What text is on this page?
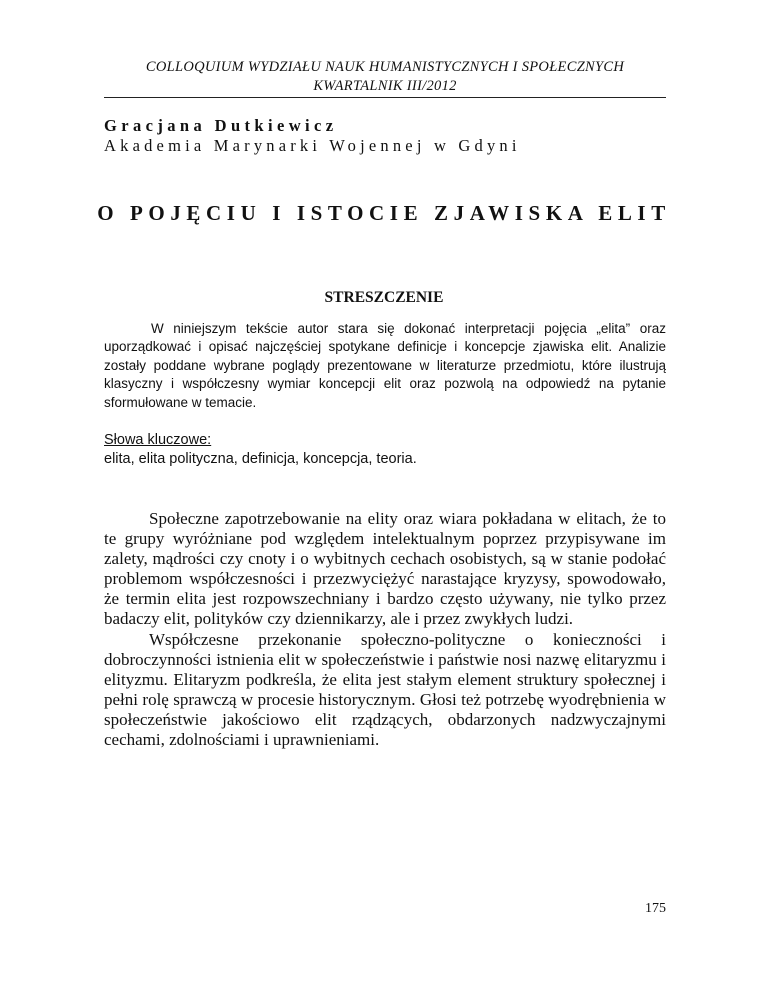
COLLOQUIUM WYDZIAŁU NAUK HUMANISTYCZNYCH I SPOŁECZNYCH
KWARTALNIK III/2012
Gracjana Dutkiewicz
Akademia Marynarki Wojennej w Gdyni
O POJĘCIU I ISTOCIE ZJAWISKA ELIT
STRESZCZENIE

W niniejszym tekście autor stara się dokonać interpretacji pojęcia „elita” oraz uporządkować i opisać najczęściej spotykane definicje i koncepcje zjawiska elit. Analizie zostały poddane wybrane poglądy prezentowane w literaturze przedmiotu, które ilustrują klasyczny i współczesny wymiar koncepcji elit oraz pozwolą na odpowiedź na pytanie sformułowane w temacie.

Słowa kluczowe:
elita, elita polityczna, definicja, koncepcja, teoria.

Społeczne zapotrzebowanie na elity oraz wiara pokładana w elitach, że to te grupy wyróżniane pod względem intelektualnym poprzez przypisywane im zalety, mądrości czy cnoty i o wybitnych cechach osobistych, są w stanie podołać problemom współczesności i przezwyciężyć narastające kryzysy, spowodowało, że termin elita jest rozpowszechniany i bardzo często używany, nie tylko przez badaczy elit, polityków czy dziennikarzy, ale i przez zwykłych ludzi.

Współczesne przekonanie społeczno-polityczne o konieczności i dobroczynności istnienia elit w społeczeństwie i państwie nosi nazwę elitaryzmu i elityzmu. Elitaryzm podkreśla, że elita jest stałym element struktury społecznej i pełni rolę sprawczą w procesie historycznym. Głosi też potrzebę wyodrębnienia w społeczeństwie jakościowo elit rządzących, obdarzonych nadzwyczajnymi cechami, zdolnościami i uprawnieniami.

175
